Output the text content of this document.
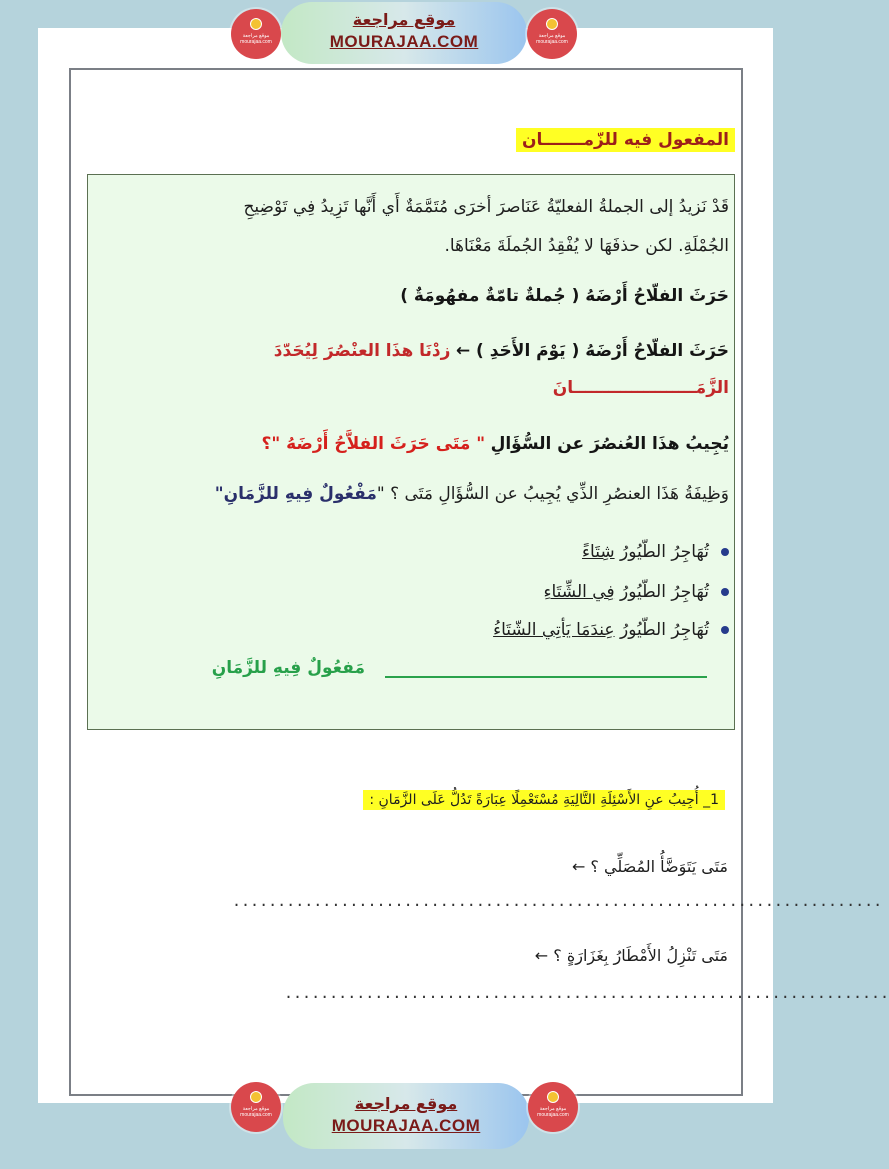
موقع مراجعة mourajaa.com
موقع مراجعة
MOURAJAA.COM	موقع مراجعة mourajaa.com
المفعول فيه للزّمـــــــان
قَدْ نَزيدُ إلى الجملةُ الفعليّةُ عَنَاصرَ أخرَى مُتَمَّمَةٌ أَي أَنَّها تَزِيدُ فِي تَوْضِيحِ
الجُمْلَةِ. لكن حذفَهَا لا يُفْقِدُ الجُملَةَ مَعْنَاهَا.
حَرَثَ الفلّاحُ أَرْضَهُ ( جُملةٌ تامّةٌ مفهُومَةٌ )
حَرَثَ الفلّاحُ أَرْضَهُ ( يَوْمَ الأَحَدِ ) ← زدْنَا هذَا العنْصُرَ لِيُحَدّدَ
الزَّمَـــــــــــــــــــــانَ
يُجِيبُ هذَا العُنصُرَ عن السُّؤَالِ " مَتَى حَرَثَ الفلاَّحُ أَرْضَهُ "؟
وَظِيفَةُ هَذَا العنصُرِ الذِّي يُجِيبُ عن السُّؤَالِ مَتَى ؟ "مَفْعُولٌ فِيهِ للزَّمَانِ"
تُهَاجِرُ الطّيُورُ شِتَاءً
تُهَاجِرُ الطّيُورُ فِي الشِّتَاءِ
تُهَاجِرُ الطّيُورُ عِندَمَا يَأتِي الشّتَاءُ
مَفعُولٌ فِيهِ للزَّمَانِ
1_ أُجِيبُ عنِ الأَسْئِلَةِ التَّالِيَةِ مُسْتَعْمِلًا عِبَارَةً تَدُلُّ عَلَى الزَّمَانِ :
مَتَى يَتَوَضَّأُ المُصَلِّي ؟ ←
........................................................................
مَتَى تَنْزِلُ الأَمْطَارُ بِغَزَارَةٍ ؟ ←
...................................................................
موقع مراجعة mourajaa.com
موقع مراجعة
MOURAJAA.COM
موقع مراجعة mourajaa.com
